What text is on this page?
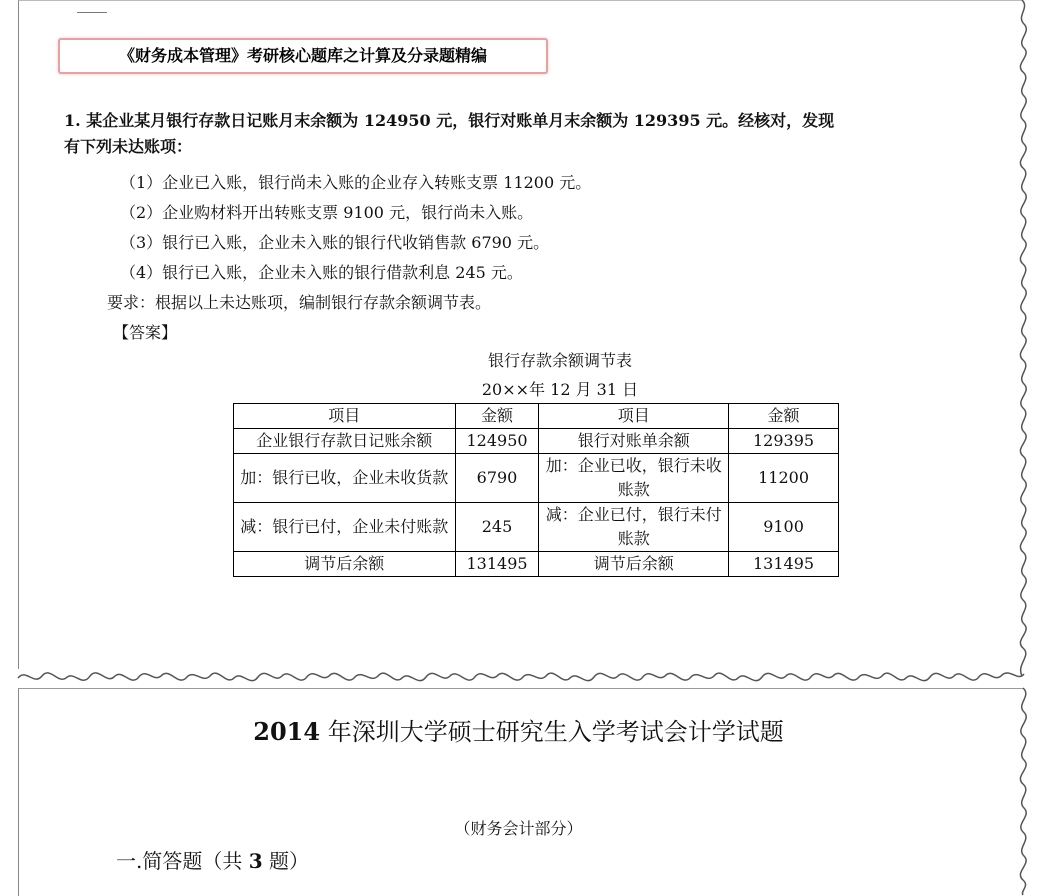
《财务成本管理》考研核心题库之计算及分录题精编
1. 某企业某月银行存款日记账月末余额为 124950 元，银行对账单月末余额为 129395 元。经核对，发现
有下列未达账项：
（1）企业已入账，银行尚未入账的企业存入转账支票 11200 元。
（2）企业购材料开出转账支票 9100 元，银行尚未入账。
（3）银行已入账，企业未入账的银行代收销售款 6790 元。
（4）银行已入账，企业未入账的银行借款利息 245 元。
要求：根据以上未达账项，编制银行存款余额调节表。
【答案】
银行存款余额调节表
20××年 12 月 31 日
项目	金额	项目	金额
企业银行存款日记账余额	124950	银行对账单余额	129395
加：银行已收，企业未收货款	6790	加：企业已收，银行未收账款	11200
减：银行已付，企业未付账款	245	减：企业已付，银行未付账款	9100
调节后余额	131495	调节后余额	131495
2014 年深圳大学硕士研究生入学考试会计学试题
（财务会计部分）
一.简答题（共 3 题）
